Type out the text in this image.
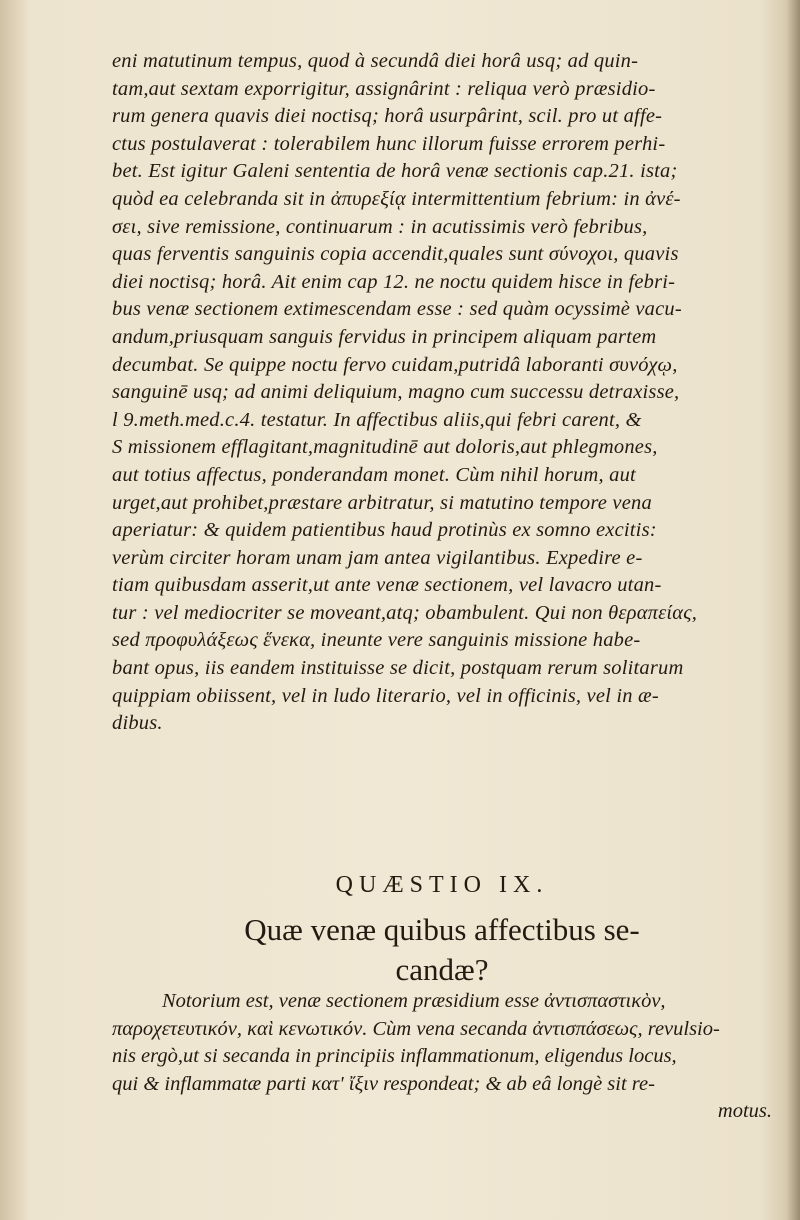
eni matutinum tempus, quod à secundâ diei horâ usq; ad quin-
tam,aut sextam exporrigitur, assignârint : reliqua verò præsidio-
rum genera quavis diei noctisq; horâ usurpârint, scil. pro ut affe-
ctus postulaverat : tolerabilem hunc illorum fuisse errorem perhi-
bet. Est igitur Galeni sententia de horâ venæ sectionis cap.21. ista;
quòd ea celebranda sit in ἀπυρεξίᾳ intermittentium febrium: in ἀνέ-
σει, sive remissione, continuarum : in acutissimis verò febribus,
quas ferventis sanguinis copia accendit,quales sunt σύνοχοι, quavis
diei noctisq; horâ. Ait enim cap 12. ne noctu quidem hisce in febri-
bus venæ sectionem extimescendam esse : sed quàm ocyssimè vacu-
andum,priusquam sanguis fervidus in principem aliquam partem
decumbat. Se quippe noctu fervo cuidam,putridâ laboranti συνόχῳ,
sanguinē usq; ad animi deliquium, magno cum successu detraxisse,
l 9.meth.med.c.4. testatur. In affectibus aliis,qui febri carent, &
S missionem efflagitant,magnitudinē aut doloris,aut phlegmones,
aut totius affectus, ponderandam monet. Cùm nihil horum, aut
urget,aut prohibet,præstare arbitratur, si matutino tempore vena
aperiatur: & quidem patientibus haud protinùs ex somno excitis:
verùm circiter horam unam jam antea vigilantibus. Expedire e-
tiam quibusdam asserit,ut ante venæ sectionem, vel lavacro utan-
tur : vel mediocriter se moveant,atq; obambulent. Qui non θεραπείας,
sed προφυλάξεως ἕνεκα, ineunte vere sanguinis missione habe-
bant opus, iis eandem instituisse se dicit, postquam rerum solitarum
quippiam obiissent, vel in ludo literario, vel in officinis, vel in æ-
dibus.
QUÆSTIO IX.
Quæ venæ quibus affectibus se-
candæ?
Notorium est, venæ sectionem præsidium esse ἀντισπαστικὸν,
παροχετευτικόν, καὶ κενωτικόν. Cùm vena secanda ἀντισπάσεως, revulsio-
nis ergò,ut si secanda in principiis inflammationum, eligendus locus,
qui & inflammatæ parti κατ' ἴξιν respondeat; & ab eâ longè sit re-
motus.
